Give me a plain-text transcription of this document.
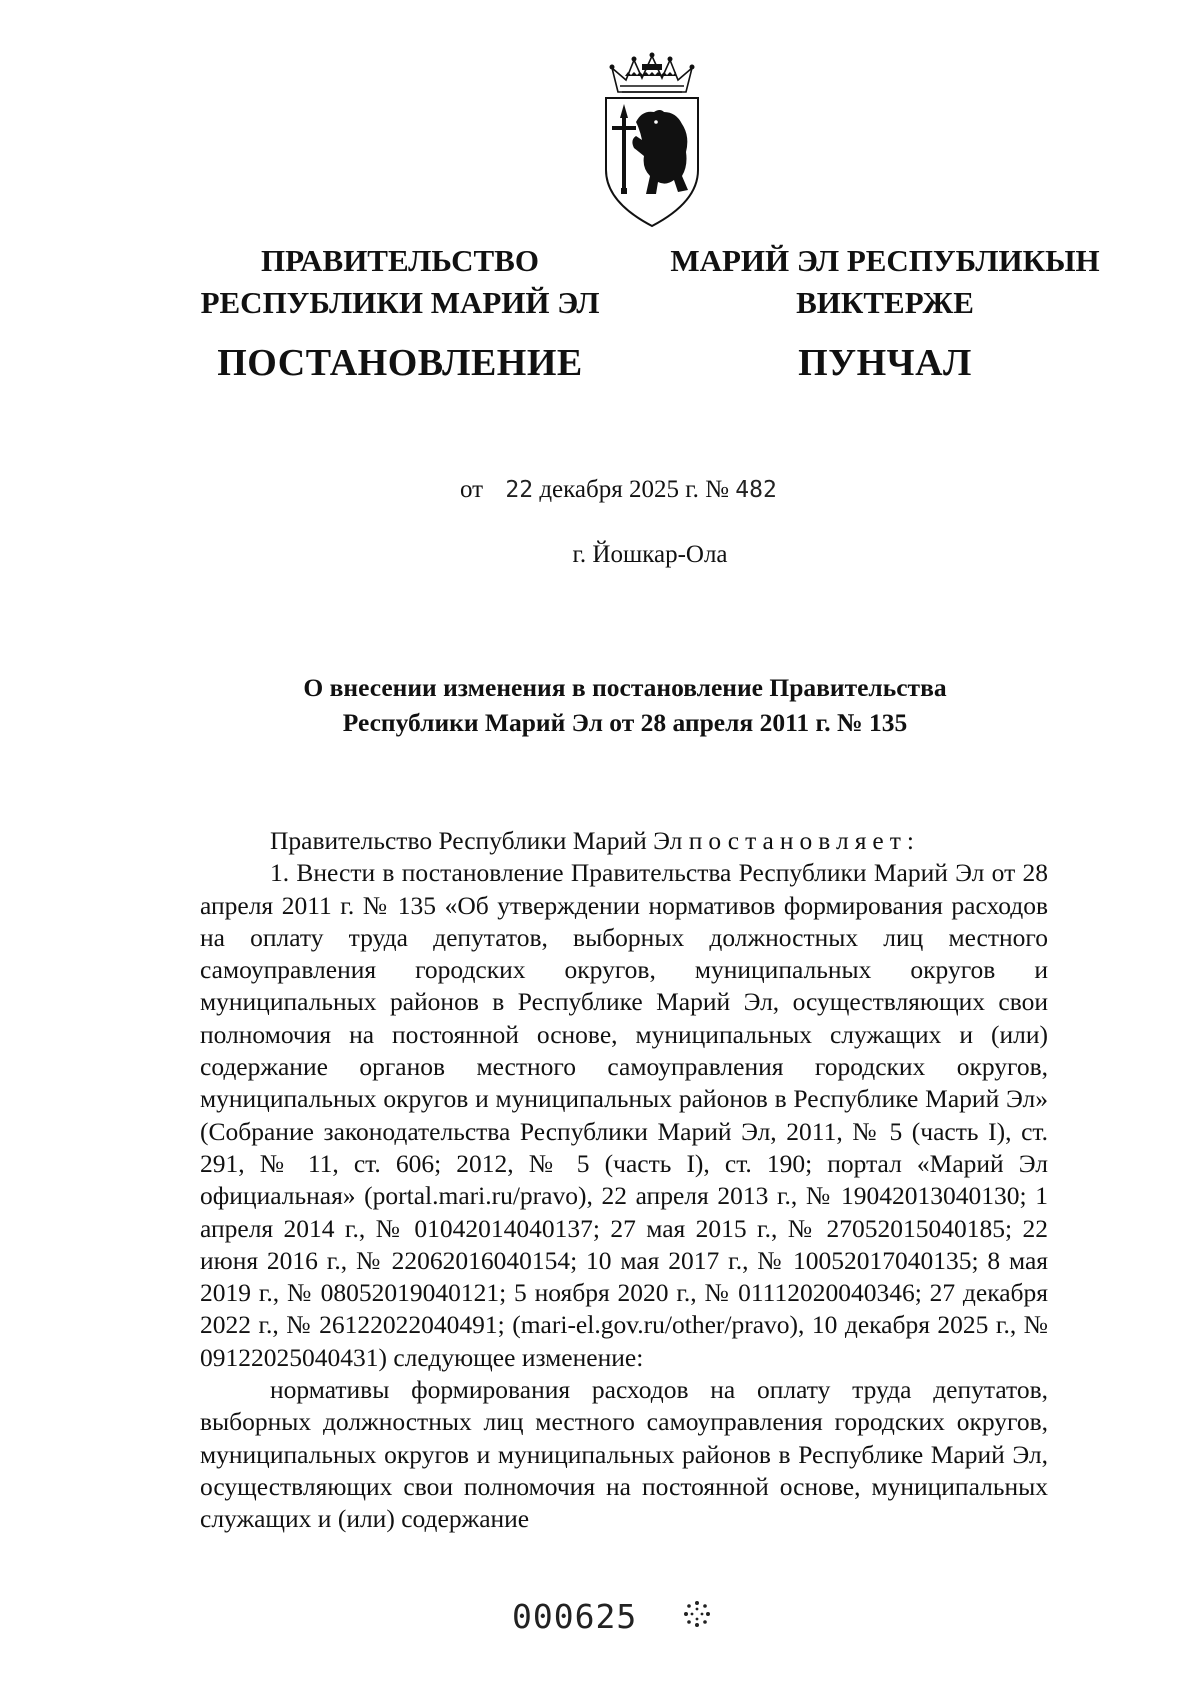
ПРАВИТЕЛЬСТВО
РЕСПУБЛИКИ МАРИЙ ЭЛ
ПОСТАНОВЛЕНИЕ
МАРИЙ ЭЛ РЕСПУБЛИКЫН
ВИКТЕРЖЕ
ПУНЧАЛ
от 22 декабря 2025 г. № 482
г. Йошкар-Ола
О внесении изменения в постановление Правительства
Республики Марий Эл от 28 апреля 2011 г. № 135

Правительство Республики Марий Эл постановляет:

1. Внести в постановление Правительства Республики Марий Эл от 28 апреля 2011 г. № 135 «Об утверждении нормативов формирования расходов на оплату труда депутатов, выборных должностных лиц местного самоуправления городских округов, муниципальных округов и муниципальных районов в Республике Марий Эл, осуществляющих свои полномочия на постоянной основе, муниципальных служащих и (или) содержание органов местного самоуправления городских округов, муниципальных округов и муниципальных районов в Республике Марий Эл» (Собрание законодательства Республики Марий Эл, 2011, № 5 (часть I), ст. 291, № 11, ст. 606; 2012, № 5 (часть I), ст. 190; портал «Марий Эл официальная» (portal.mari.ru/pravo), 22 апреля 2013 г., № 19042013040130; 1 апреля 2014 г., № 01042014040137; 27 мая 2015 г., № 27052015040185; 22 июня 2016 г., № 22062016040154; 10 мая 2017 г., № 10052017040135; 8 мая 2019 г., № 08052019040121; 5 ноября 2020 г., № 01112020040346; 27 декабря 2022 г., № 26122022040491; (mari-el.gov.ru/other/pravo), 10 декабря 2025 г., № 09122025040431) следующее изменение:

нормативы формирования расходов на оплату труда депутатов, выборных должностных лиц местного самоуправления городских округов, муниципальных округов и муниципальных районов в Республике Марий Эл, осуществляющих свои полномочия на постоянной основе, муниципальных служащих и (или) содержание

000625
